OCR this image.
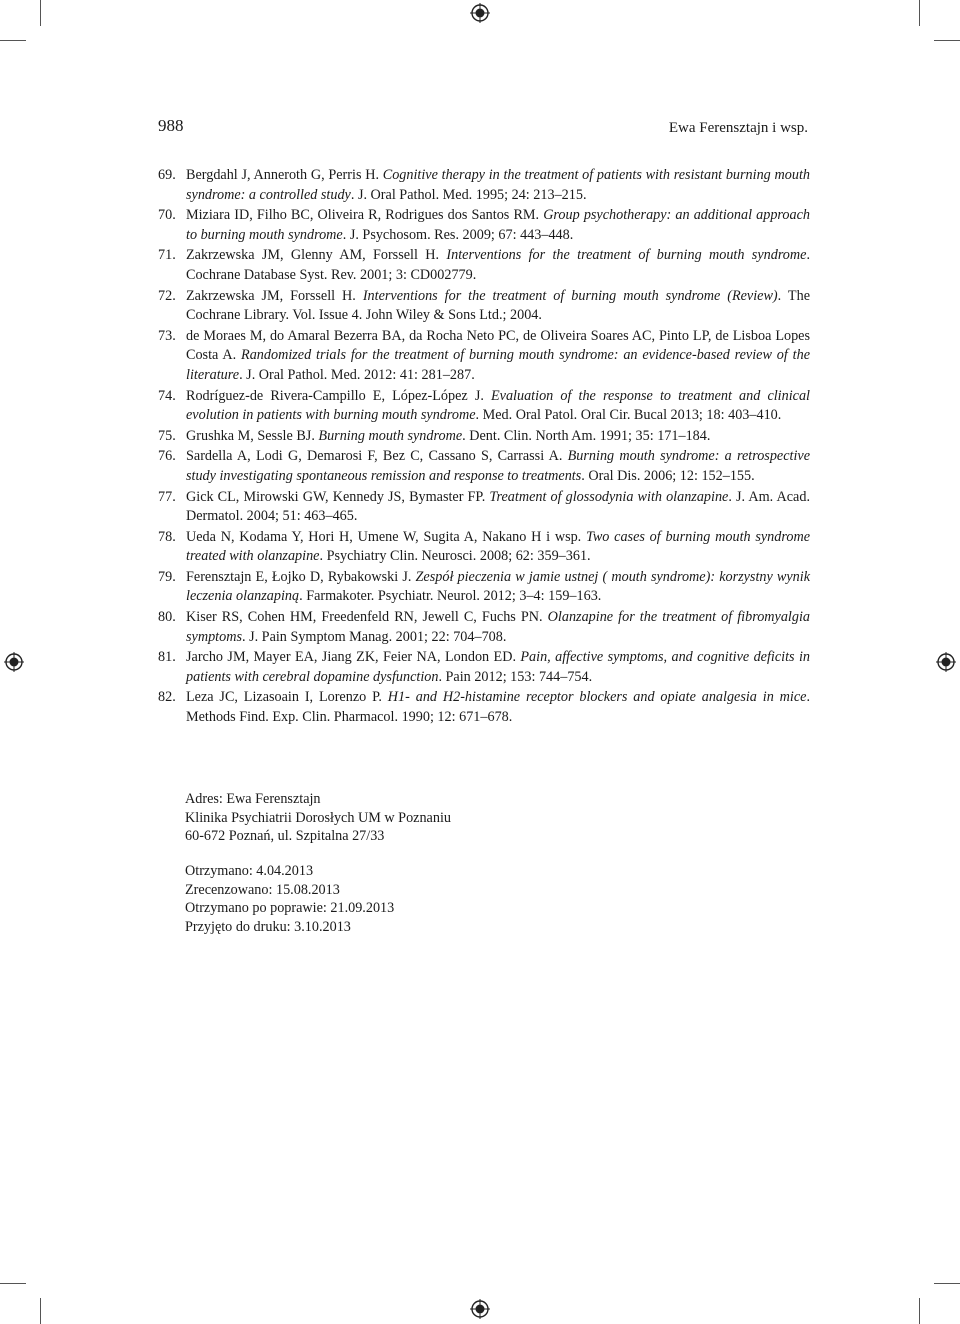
988	Ewa Ferensztajn i wsp.
69. Bergdahl J, Anneroth G, Perris H. Cognitive therapy in the treatment of patients with resistant burning mouth syndrome: a controlled study. J. Oral Pathol. Med. 1995; 24: 213–215.
70. Miziara ID, Filho BC, Oliveira R, Rodrigues dos Santos RM. Group psychotherapy: an additional approach to burning mouth syndrome. J. Psychosom. Res. 2009; 67: 443–448.
71. Zakrzewska JM, Glenny AM, Forssell H. Interventions for the treatment of burning mouth syndrome. Cochrane Database Syst. Rev. 2001; 3: CD002779.
72. Zakrzewska JM, Forssell H. Interventions for the treatment of burning mouth syndrome (Review). The Cochrane Library. Vol. Issue 4. John Wiley & Sons Ltd.; 2004.
73. de Moraes M, do Amaral Bezerra BA, da Rocha Neto PC, de Oliveira Soares AC, Pinto LP, de Lisboa Lopes Costa A. Randomized trials for the treatment of burning mouth syndrome: an evidence-based review of the literature. J. Oral Pathol. Med. 2012: 41: 281–287.
74. Rodríguez-de Rivera-Campillo E, López-López J. Evaluation of the response to treatment and clinical evolution in patients with burning mouth syndrome. Med. Oral Patol. Oral Cir. Bucal 2013; 18: 403–410.
75. Grushka M, Sessle BJ. Burning mouth syndrome. Dent. Clin. North Am. 1991; 35: 171–184.
76. Sardella A, Lodi G, Demarosi F, Bez C, Cassano S, Carrassi A. Burning mouth syndrome: a retrospective study investigating spontaneous remission and response to treatments. Oral Dis. 2006; 12: 152–155.
77. Gick CL, Mirowski GW, Kennedy JS, Bymaster FP. Treatment of glossodynia with olanzapine. J. Am. Acad. Dermatol. 2004; 51: 463–465.
78. Ueda N, Kodama Y, Hori H, Umene W, Sugita A, Nakano H i wsp. Two cases of burning mouth syndrome treated with olanzapine. Psychiatry Clin. Neurosci. 2008; 62: 359–361.
79. Ferensztajn E, Łojko D, Rybakowski J. Zespół pieczenia w jamie ustnej ( mouth syndrome): korzystny wynik leczenia olanzapiną. Farmakoter. Psychiatr. Neurol. 2012; 3–4: 159–163.
80. Kiser RS, Cohen HM, Freedenfeld RN, Jewell C, Fuchs PN. Olanzapine for the treatment of fibromyalgia symptoms. J. Pain Symptom Manag. 2001; 22: 704–708.
81. Jarcho JM, Mayer EA, Jiang ZK, Feier NA, London ED. Pain, affective symptoms, and cognitive deficits in patients with cerebral dopamine dysfunction. Pain 2012; 153: 744–754.
82. Leza JC, Lizasoain I, Lorenzo P. H1- and H2-histamine receptor blockers and opiate analgesia in mice. Methods Find. Exp. Clin. Pharmacol. 1990; 12: 671–678.
Adres: Ewa Ferensztajn
Klinika Psychiatrii Dorosłych UM w Poznaniu
60-672 Poznań, ul. Szpitalna 27/33
Otrzymano: 4.04.2013
Zrecenzowano: 15.08.2013
Otrzymano po poprawie: 21.09.2013
Przyjęto do druku: 3.10.2013
